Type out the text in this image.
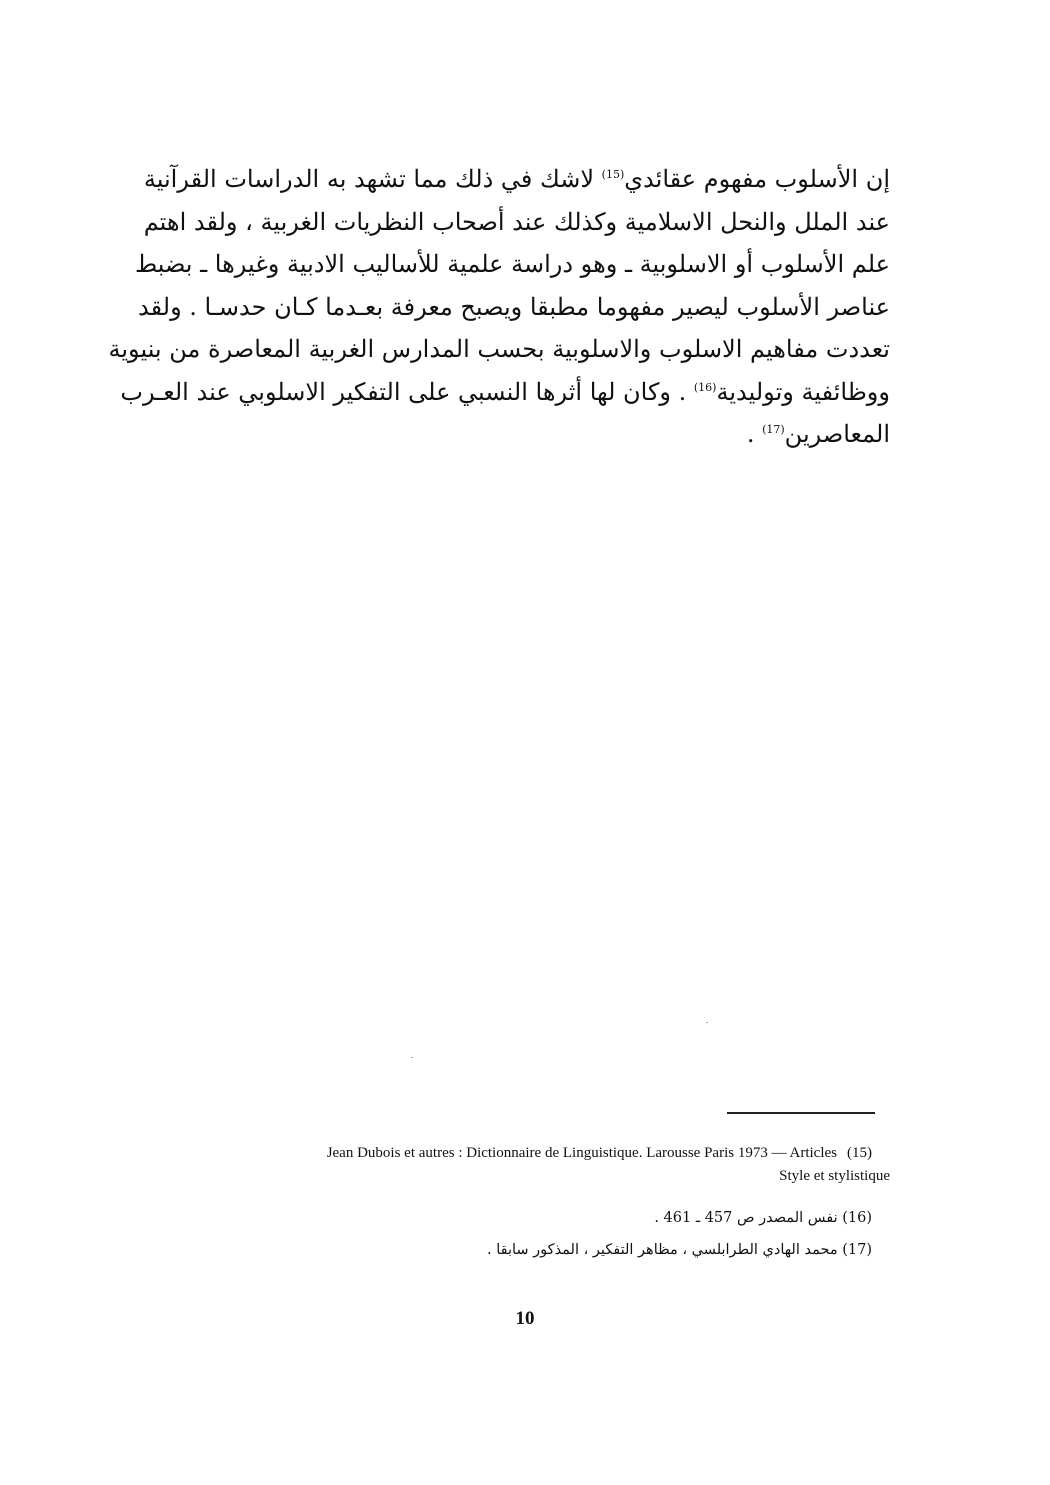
إن الأسلوب مفهوم عقائدي$^{(15)}$ لاشك في ذلك مما تشهد به الدراسات القرآنية
عند الملل والنحل الاسلامية وكذلك عند أصحاب النظريات الغربية ، ولقد اهتم
علم الأسلوب أو الاسلوبية ـ وهو دراسة علمية للأساليب الادبية وغيرها ـ بضبط
عناصر الأسلوب ليصير مفهوما مطبقا ويصبح معرفة بعـدما كـان حدسـا . ولقد
تعددت مفاهيم الاسلوب والاسلوبية بحسب المدارس الغربية المعاصرة من بنيوية
ووظائفية وتوليدية$^{(16)}$ . وكان لها أثرها النسبي على التفكير الاسلوبي عند العـرب
المعاصرين$^{(17)}$ .
Jean Dubois et autres : Dictionnaire de Linguistique. Larousse Paris 1973 — Articles (15)
Style et stylistique
(16) نفس المصدر ص 457 ـ 461 .
(17) محمد الهادي الطرابلسي ، مظاهر التفكير ، المذكور سابقا .
10
